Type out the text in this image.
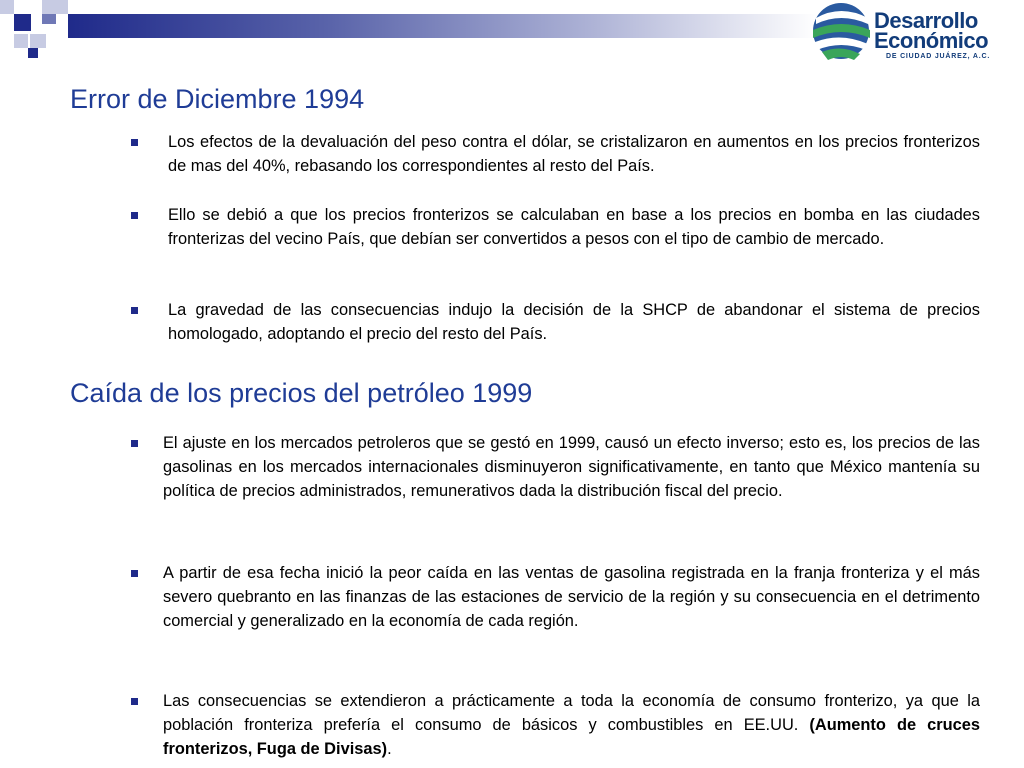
Desarrollo
Económico
DE CIUDAD JUÁREZ, A.C.
Error de Diciembre 1994
Los efectos de la devaluación del peso contra el dólar, se cristalizaron en aumentos en los precios fronterizos de mas del 40%, rebasando los correspondientes al resto del País.
Ello se debió a que los precios fronterizos se calculaban en base a los precios en bomba en las ciudades fronterizas del vecino País, que debían ser convertidos a pesos con el tipo de cambio de mercado.
La gravedad de las consecuencias indujo la decisión de la SHCP de abandonar el sistema de precios homologado, adoptando el precio del resto del País.
Caída de los precios del petróleo 1999
El ajuste en los mercados petroleros que se gestó en 1999, causó un efecto inverso; esto es, los precios de las gasolinas en los mercados internacionales disminuyeron significativamente, en tanto que México mantenía su política de precios administrados, remunerativos dada la distribución fiscal del precio.
A partir de esa fecha inició la peor caída en las ventas de gasolina registrada en la franja fronteriza y el más severo quebranto en las finanzas de las estaciones de servicio de la región y su consecuencia en el detrimento comercial y generalizado en la economía de cada región.
Las consecuencias se extendieron a prácticamente a toda la economía de consumo fronterizo, ya que la población fronteriza prefería el consumo de básicos y combustibles en EE.UU. (Aumento de cruces fronterizos, Fuga de Divisas).
